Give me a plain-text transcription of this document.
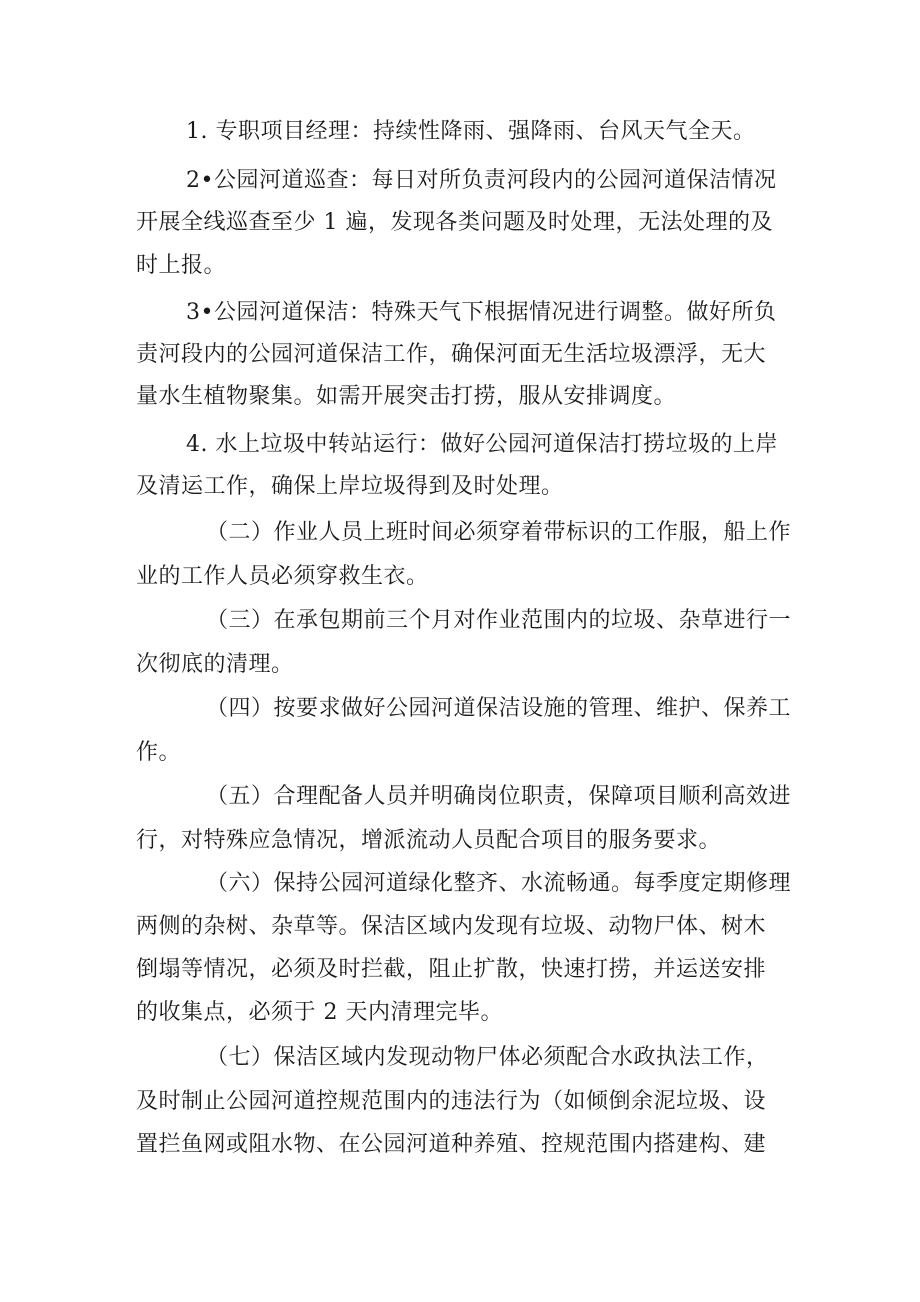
1. 专职项目经理：持续性降雨、强降雨、台风天气全天。
2•公园河道巡查：每日对所负责河段内的公园河道保洁情况
开展全线巡查至少 1 遍，发现各类问题及时处理，无法处理的及
时上报。
3•公园河道保洁：特殊天气下根据情况进行调整。做好所负
责河段内的公园河道保洁工作，确保河面无生活垃圾漂浮，无大
量水生植物聚集。如需开展突击打捞，服从安排调度。
4. 水上垃圾中转站运行：做好公园河道保洁打捞垃圾的上岸
及清运工作，确保上岸垃圾得到及时处理。
（二）作业人员上班时间必须穿着带标识的工作服，船上作
业的工作人员必须穿救生衣。
（三）在承包期前三个月对作业范围内的垃圾、杂草进行一
次彻底的清理。
（四）按要求做好公园河道保洁设施的管理、维护、保养工
作。
（五）合理配备人员并明确岗位职责，保障项目顺利高效进
行，对特殊应急情况，增派流动人员配合项目的服务要求。
（六）保持公园河道绿化整齐、水流畅通。每季度定期修理
两侧的杂树、杂草等。保洁区域内发现有垃圾、动物尸体、树木
倒塌等情况，必须及时拦截，阻止扩散，快速打捞，并运送安排
的收集点，必须于 2 天内清理完毕。
（七）保洁区域内发现动物尸体必须配合水政执法工作，
及时制止公园河道控规范围内的违法行为（如倾倒余泥垃圾、设
置拦鱼网或阻水物、在公园河道种养殖、控规范围内搭建构、建
